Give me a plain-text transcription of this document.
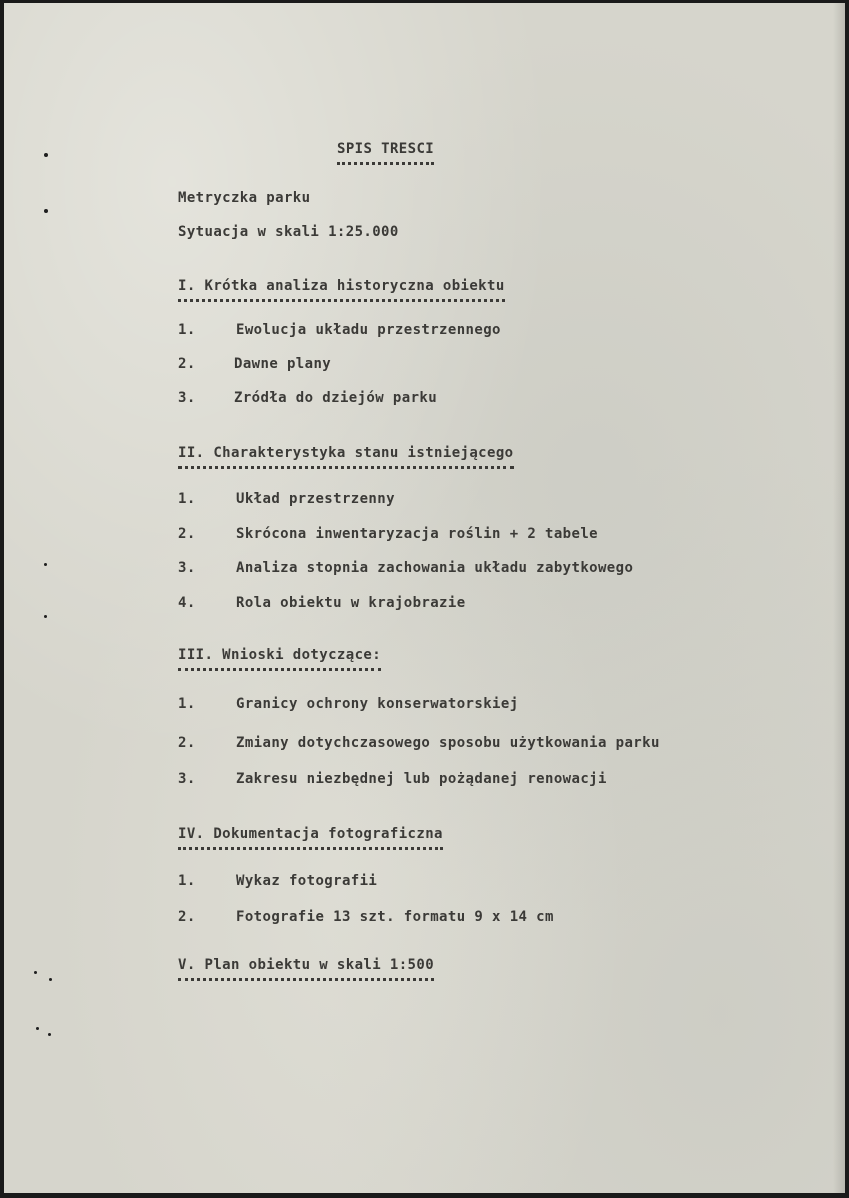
SPIS TRESCI
Metryczka parku
Sytuacja w skali 1:25.000
I. Krótka analiza historyczna obiektu
1.	Ewolucja układu przestrzennego
2.	Dawne plany
3.	Zródła do dziejów parku
II. Charakterystyka stanu istniejącego
1.	Układ przestrzenny
2.	Skrócona inwentaryzacja roślin + 2 tabele
3.	Analiza stopnia zachowania układu zabytkowego
4.	Rola obiektu w krajobrazie
III. Wnioski dotyczące:
1.	Granicy ochrony konserwatorskiej
2.	Zmiany dotychczasowego sposobu użytkowania parku
3.	Zakresu niezbędnej lub pożądanej renowacji
IV. Dokumentacja fotograficzna
1.	Wykaz fotografii
2.	Fotografie 13 szt. formatu 9 x 14 cm
V. Plan obiektu w skali 1:500
